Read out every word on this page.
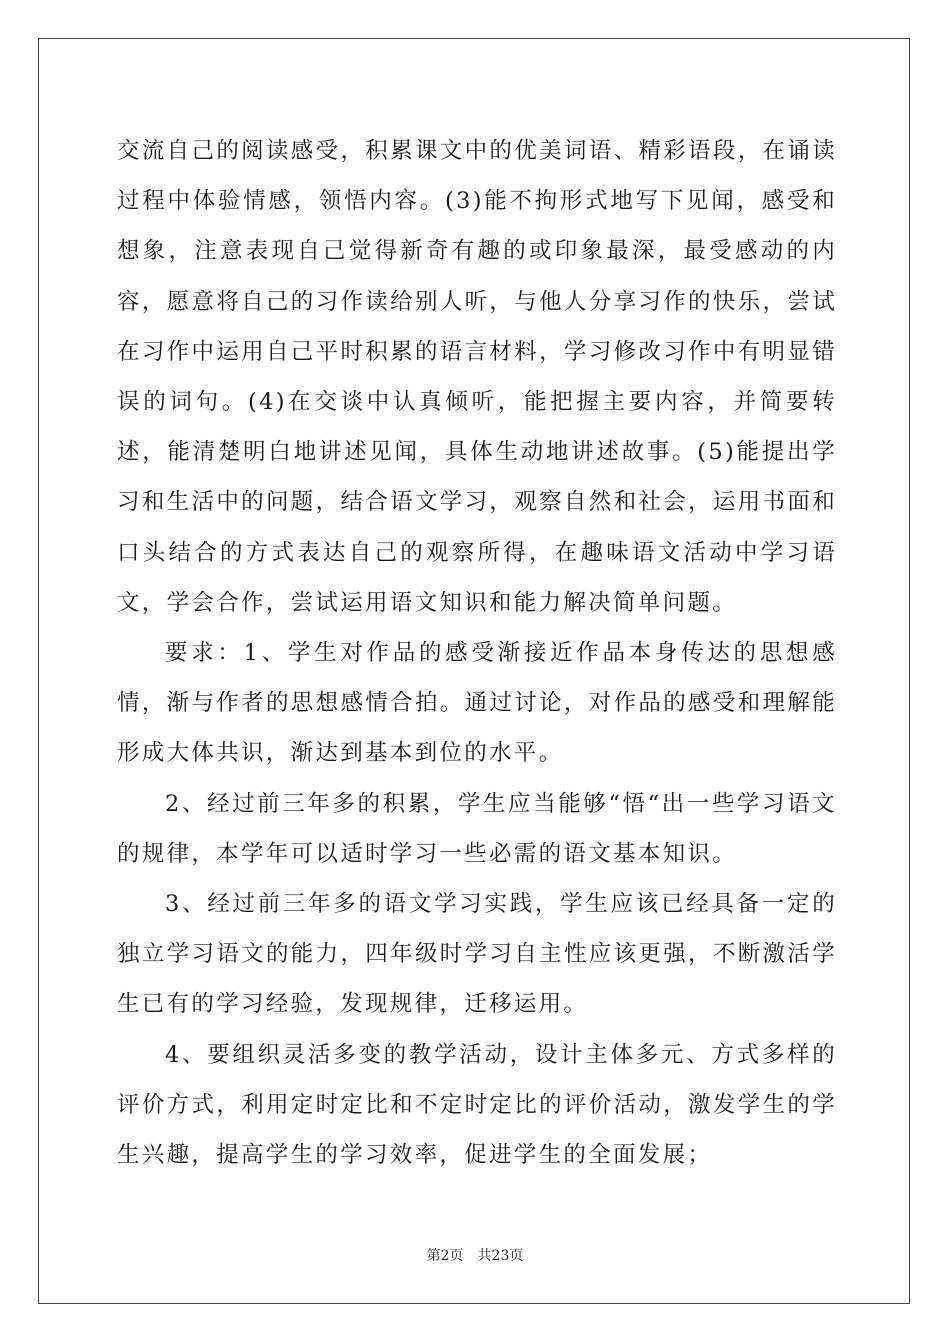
交流自己的阅读感受，积累课文中的优美词语、精彩语段，在诵读过程中体验情感，领悟内容。(3)能不拘形式地写下见闻，感受和想象，注意表现自己觉得新奇有趣的或印象最深，最受感动的内容，愿意将自己的习作读给别人听，与他人分享习作的快乐，尝试在习作中运用自己平时积累的语言材料，学习修改习作中有明显错误的词句。(4)在交谈中认真倾听，能把握主要内容，并简要转述，能清楚明白地讲述见闻，具体生动地讲述故事。(5)能提出学习和生活中的问题，结合语文学习，观察自然和社会，运用书面和口头结合的方式表达自己的观察所得，在趣味语文活动中学习语文，学会合作，尝试运用语文知识和能力解决简单问题。

要求：1、学生对作品的感受渐接近作品本身传达的思想感情，渐与作者的思想感情合拍。通过讨论，对作品的感受和理解能形成大体共识，渐达到基本到位的水平。

2、经过前三年多的积累，学生应当能够“悟“出一些学习语文的规律，本学年可以适时学习一些必需的语文基本知识。

3、经过前三年多的语文学习实践，学生应该已经具备一定的独立学习语文的能力，四年级时学习自主性应该更强，不断激活学生已有的学习经验，发现规律，迁移运用。

4、要组织灵活多变的教学活动，设计主体多元、方式多样的评价方式，利用定时定比和不定时定比的评价活动，激发学生的学生兴趣，提高学生的学习效率，促进学生的全面发展；

第2页　共23页
